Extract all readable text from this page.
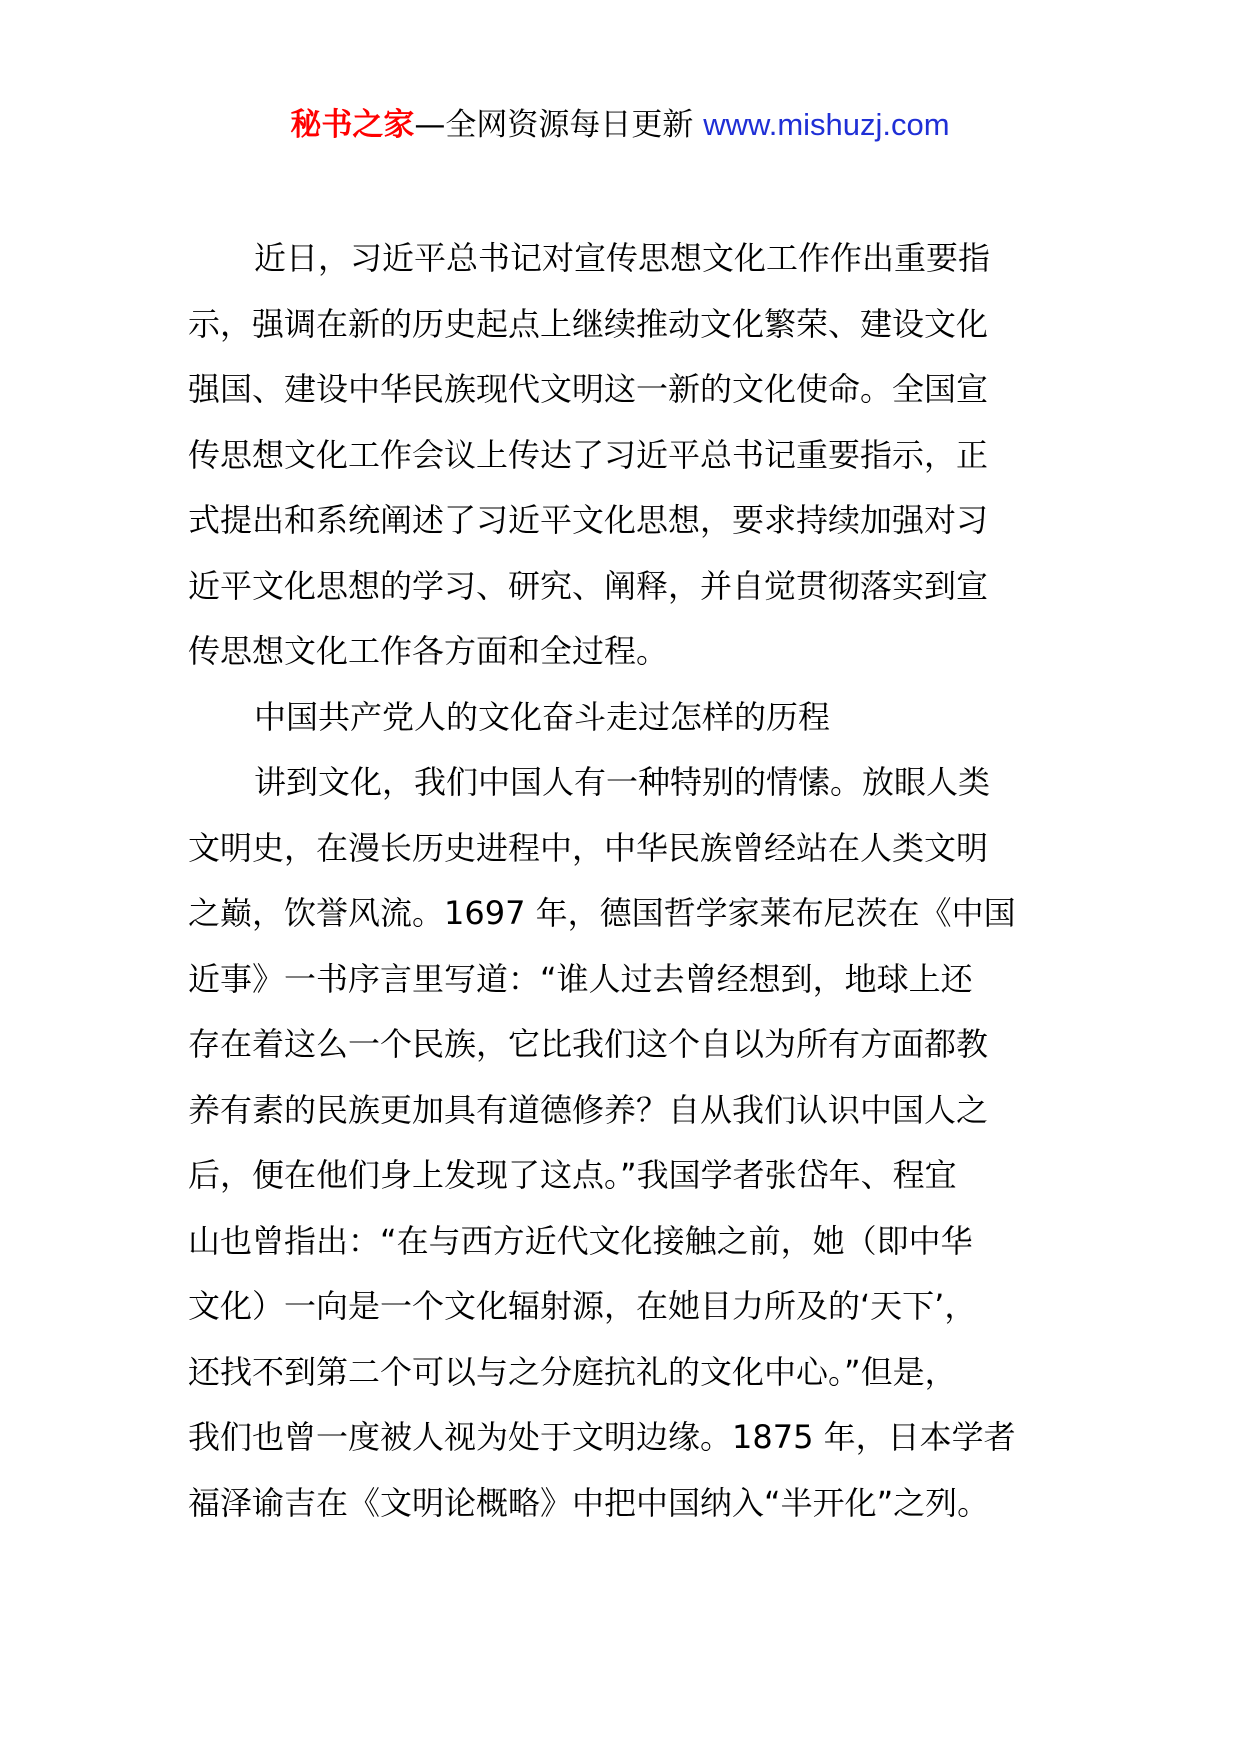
秘书之家—全网资源每日更新 www.mishuzj.com
近日，习近平总书记对宣传思想文化工作作出重要指
示，强调在新的历史起点上继续推动文化繁荣、建设文化
强国、建设中华民族现代文明这一新的文化使命。全国宣
传思想文化工作会议上传达了习近平总书记重要指示，正
式提出和系统阐述了习近平文化思想，要求持续加强对习
近平文化思想的学习、研究、阐释，并自觉贯彻落实到宣
传思想文化工作各方面和全过程。
中国共产党人的文化奋斗走过怎样的历程
讲到文化，我们中国人有一种特别的情愫。放眼人类
文明史，在漫长历史进程中，中华民族曾经站在人类文明
之巅，饮誉风流。1697 年，德国哲学家莱布尼茨在《中国
近事》一书序言里写道：“谁人过去曾经想到，地球上还
存在着这么一个民族，它比我们这个自以为所有方面都教
养有素的民族更加具有道德修养？自从我们认识中国人之
后，便在他们身上发现了这点。”我国学者张岱年、程宜
山也曾指出：“在与西方近代文化接触之前，她（即中华
文化）一向是一个文化辐射源，在她目力所及的‘天下’，
还找不到第二个可以与之分庭抗礼的文化中心。”但是，
我们也曾一度被人视为处于文明边缘。1875 年，日本学者
福泽谕吉在《文明论概略》中把中国纳入“半开化”之列。
